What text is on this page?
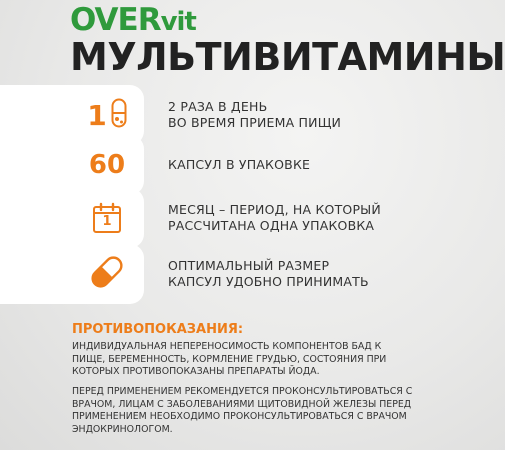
OVERvit
МУЛЬТИВИТАМИНЫ
1	2 РАЗА В ДЕНЬ
ВО ВРЕМЯ ПРИЕМА ПИЩИ
60	КАПСУЛ В УПАКОВКЕ
1
МЕСЯЦ – ПЕРИОД, НА КОТОРЫЙ
РАССЧИТАНА ОДНА УПАКОВКА
ОПТИМАЛЬНЫЙ РАЗМЕР
КАПСУЛ УДОБНО ПРИНИМАТЬ
ПРОТИВОПОКАЗАНИЯ:
ИНДИВИДУАЛЬНАЯ НЕПЕРЕНОСИМОСТЬ КОМПОНЕНТОВ БАД К ПИЩЕ, БЕРЕМЕННОСТЬ, КОРМЛЕНИЕ ГРУДЬЮ, СОСТОЯНИЯ ПРИ КОТОРЫХ ПРОТИВОПОКАЗАНЫ ПРЕПАРАТЫ ЙОДА.
ПЕРЕД ПРИМЕНЕНИЕМ РЕКОМЕНДУЕТСЯ ПРОКОНСУЛЬТИРОВАТЬСЯ С ВРАЧОМ, ЛИЦАМ С ЗАБОЛЕВАНИЯМИ ЩИТОВИДНОЙ ЖЕЛЕЗЫ ПЕРЕД ПРИМЕНЕНИЕМ НЕОБХОДИМО ПРОКОНСУЛЬТИРОВАТЬСЯ С ВРАЧОМ ЭНДОКРИНОЛОГОМ.
